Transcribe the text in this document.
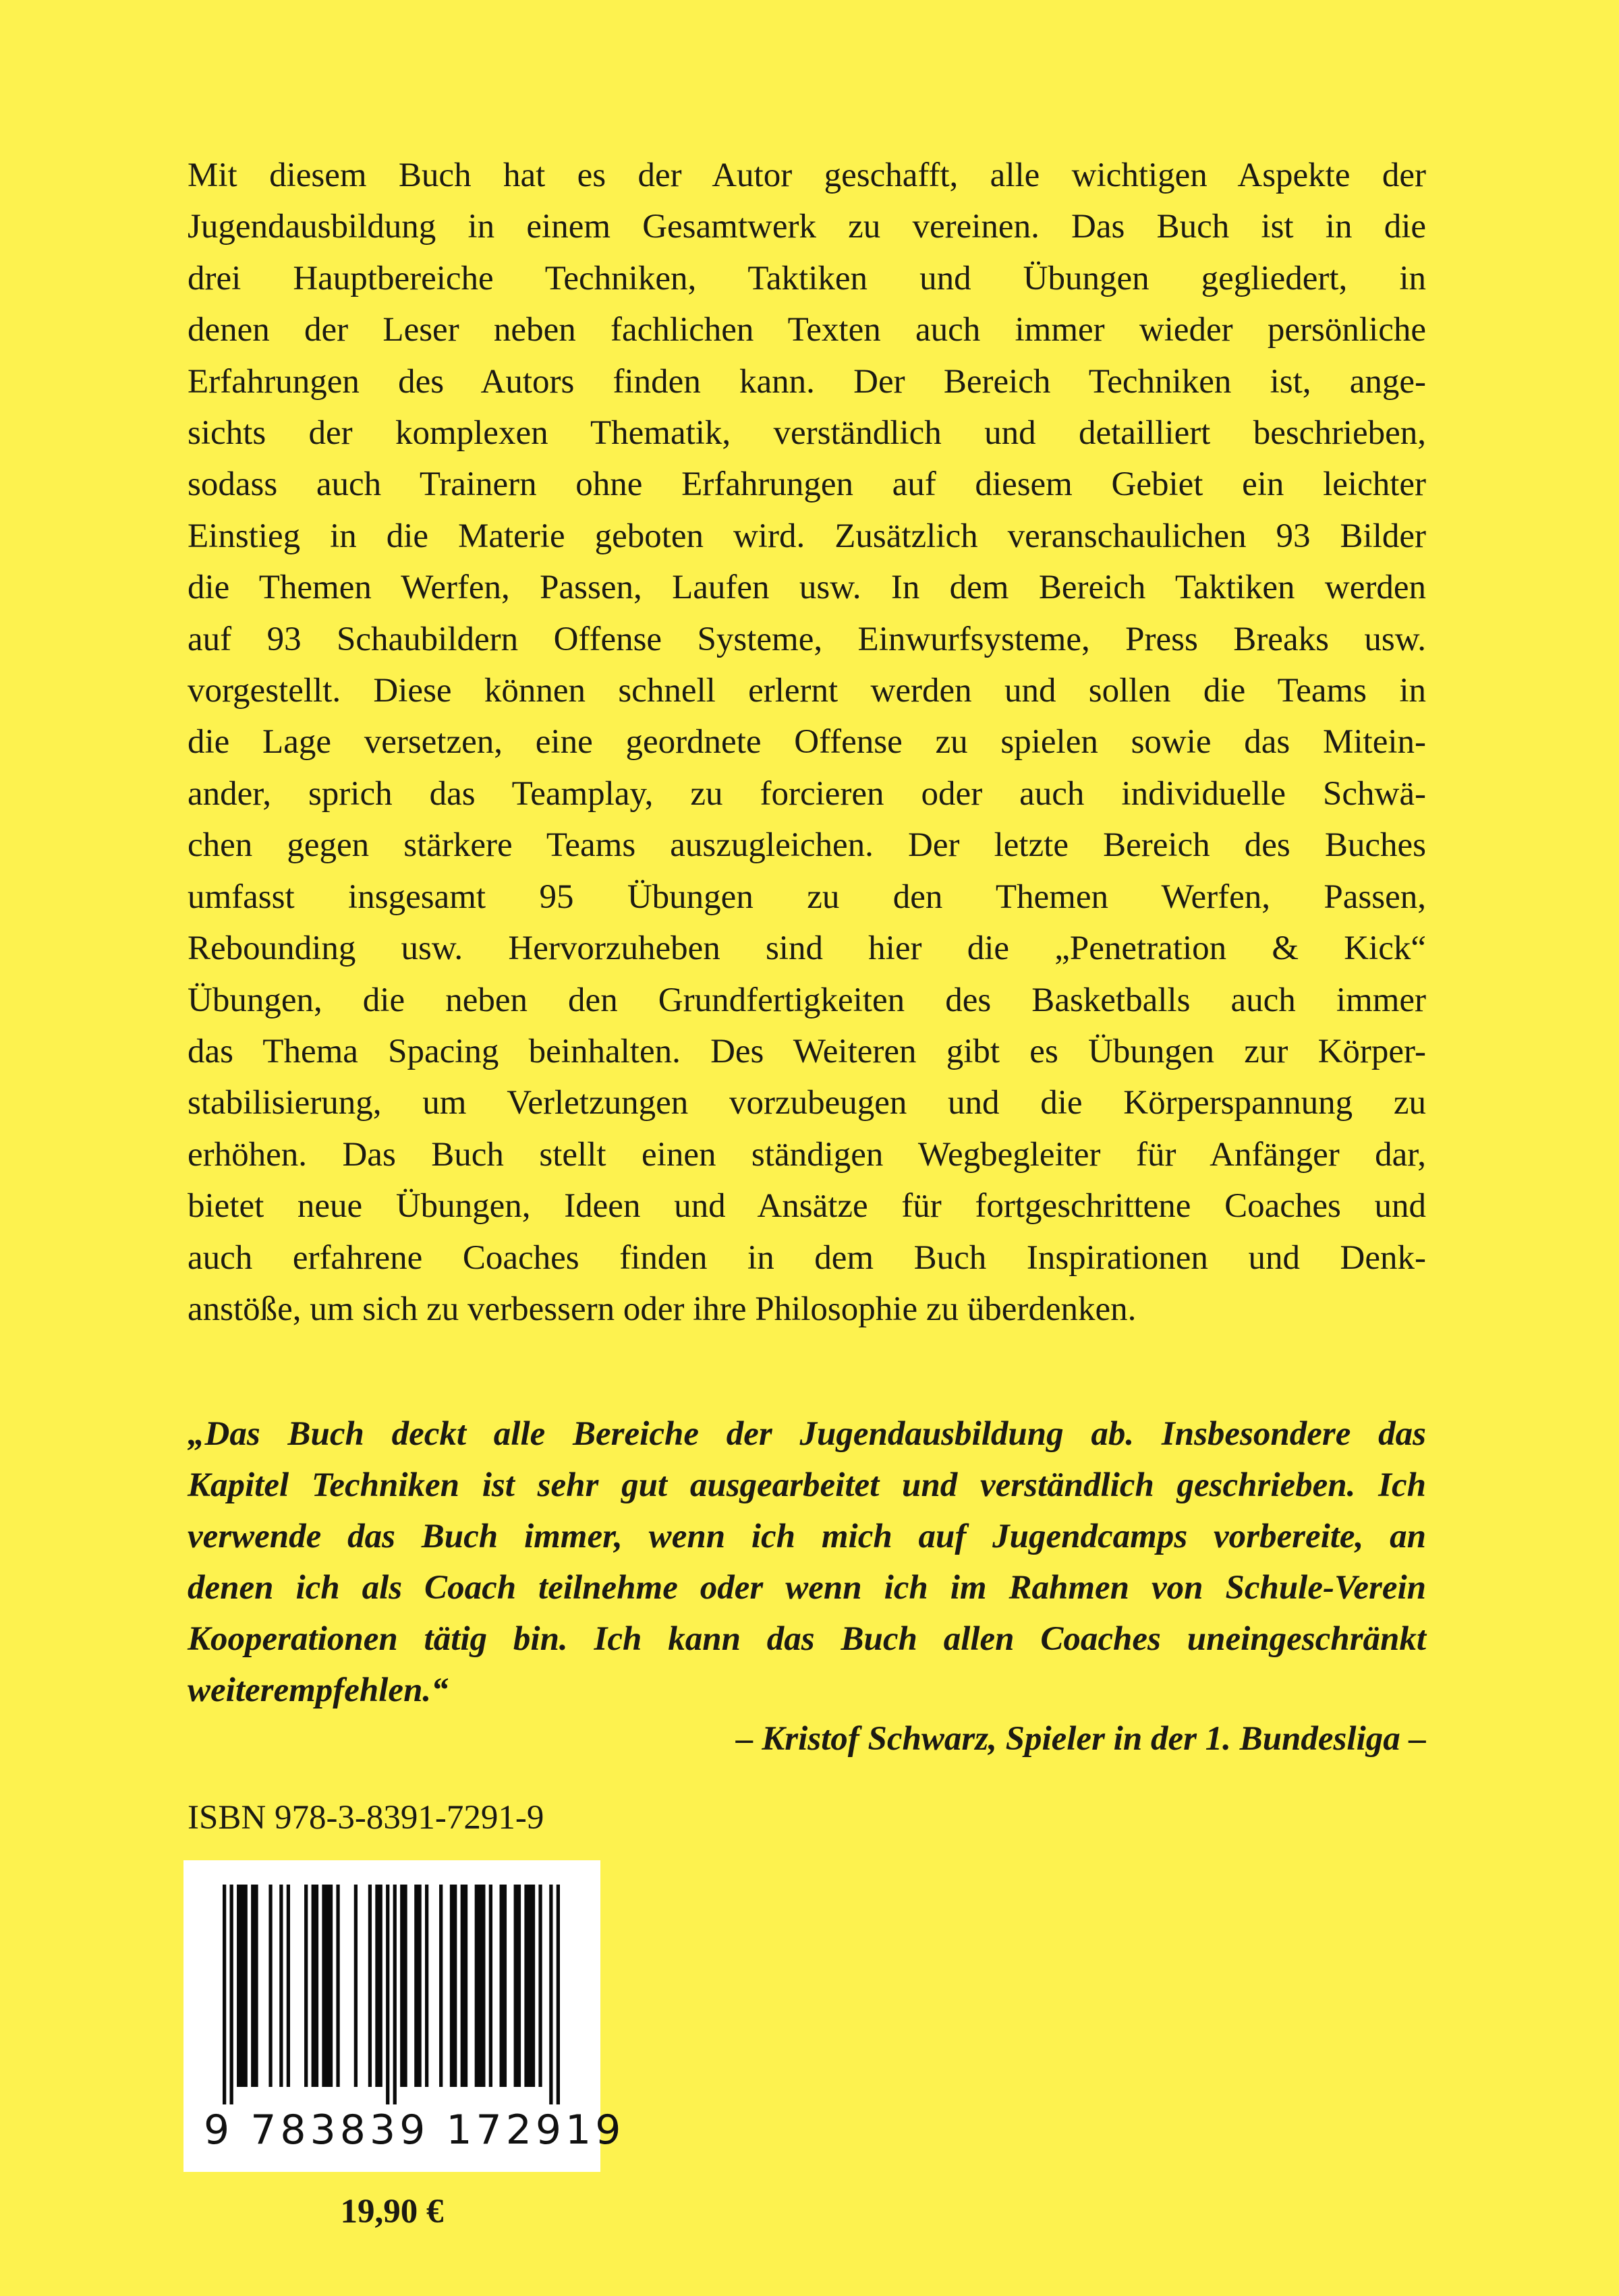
Mit diesem Buch hat es der Autor geschafft, alle wichtigen Aspekte der
Jugendausbildung in einem Gesamtwerk zu vereinen. Das Buch ist in die
drei Hauptbereiche Techniken, Taktiken und Übungen gegliedert, in
denen der Leser neben fachlichen Texten auch immer wieder persönliche
Erfahrungen des Autors finden kann. Der Bereich Techniken ist, ange-
sichts der komplexen Thematik, verständlich und detailliert beschrieben,
sodass auch Trainern ohne Erfahrungen auf diesem Gebiet ein leichter
Einstieg in die Materie geboten wird. Zusätzlich veranschaulichen 93 Bilder
die Themen Werfen, Passen, Laufen usw. In dem Bereich Taktiken werden
auf 93 Schaubildern Offense Systeme, Einwurfsysteme, Press Breaks usw.
vorgestellt. Diese können schnell erlernt werden und sollen die Teams in
die Lage versetzen, eine geordnete Offense zu spielen sowie das Mitein-
ander, sprich das Teamplay, zu forcieren oder auch individuelle Schwä-
chen gegen stärkere Teams auszugleichen. Der letzte Bereich des Buches
umfasst insgesamt 95 Übungen zu den Themen Werfen, Passen,
Rebounding usw. Hervorzuheben sind hier die „Penetration & Kick“
Übungen, die neben den Grundfertigkeiten des Basketballs auch immer
das Thema Spacing beinhalten. Des Weiteren gibt es Übungen zur Körper-
stabilisierung, um Verletzungen vorzubeugen und die Körperspannung zu
erhöhen. Das Buch stellt einen ständigen Wegbegleiter für Anfänger dar,
bietet neue Übungen, Ideen und Ansätze für fortgeschrittene Coaches und
auch erfahrene Coaches finden in dem Buch Inspirationen und Denk-
anstöße, um sich zu verbessern oder ihre Philosophie zu überdenken.
„Das Buch deckt alle Bereiche der Jugendausbildung ab. Insbesondere das
Kapitel Techniken ist sehr gut ausgearbeitet und verständlich geschrieben. Ich
verwende das Buch immer, wenn ich mich auf Jugendcamps vorbereite, an
denen ich als Coach teilnehme oder wenn ich im Rahmen von Schule-Verein
Kooperationen tätig bin. Ich kann das Buch allen Coaches uneingeschränkt
weiterempfehlen.“

– Kristof Schwarz, Spieler in der 1. Bundesliga –

ISBN 978-3-8391-7291-9

9 783839 172919

19,90 €
